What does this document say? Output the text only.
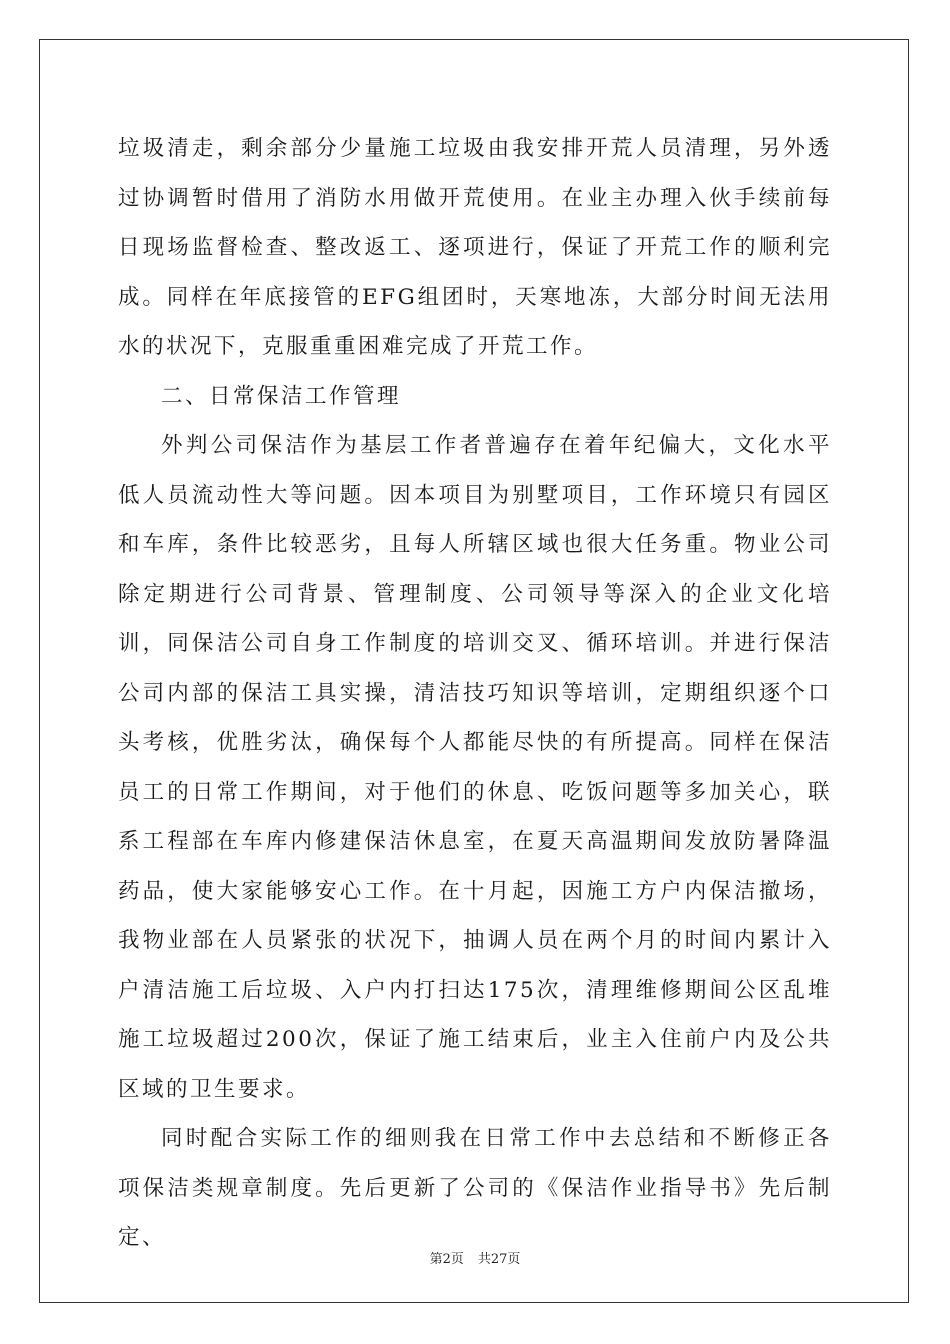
垃圾清走，剩余部分少量施工垃圾由我安排开荒人员清理，另外透过协调暂时借用了消防水用做开荒使用。在业主办理入伙手续前每日现场监督检查、整改返工、逐项进行，保证了开荒工作的顺利完成。同样在年底接管的EFG组团时，天寒地冻，大部分时间无法用水的状况下，克服重重困难完成了开荒工作。

二、日常保洁工作管理

外判公司保洁作为基层工作者普遍存在着年纪偏大，文化水平低人员流动性大等问题。因本项目为别墅项目，工作环境只有园区和车库，条件比较恶劣，且每人所辖区域也很大任务重。物业公司除定期进行公司背景、管理制度、公司领导等深入的企业文化培训，同保洁公司自身工作制度的培训交叉、循环培训。并进行保洁公司内部的保洁工具实操，清洁技巧知识等培训，定期组织逐个口头考核，优胜劣汰，确保每个人都能尽快的有所提高。同样在保洁员工的日常工作期间，对于他们的休息、吃饭问题等多加关心，联系工程部在车库内修建保洁休息室，在夏天高温期间发放防暑降温药品，使大家能够安心工作。在十月起，因施工方户内保洁撤场，我物业部在人员紧张的状况下，抽调人员在两个月的时间内累计入户清洁施工后垃圾、入户内打扫达175次，清理维修期间公区乱堆施工垃圾超过200次，保证了施工结束后，业主入住前户内及公共区域的卫生要求。

同时配合实际工作的细则我在日常工作中去总结和不断修正各项保洁类规章制度。先后更新了公司的《保洁作业指导书》先后制定、

第2页 共27页
